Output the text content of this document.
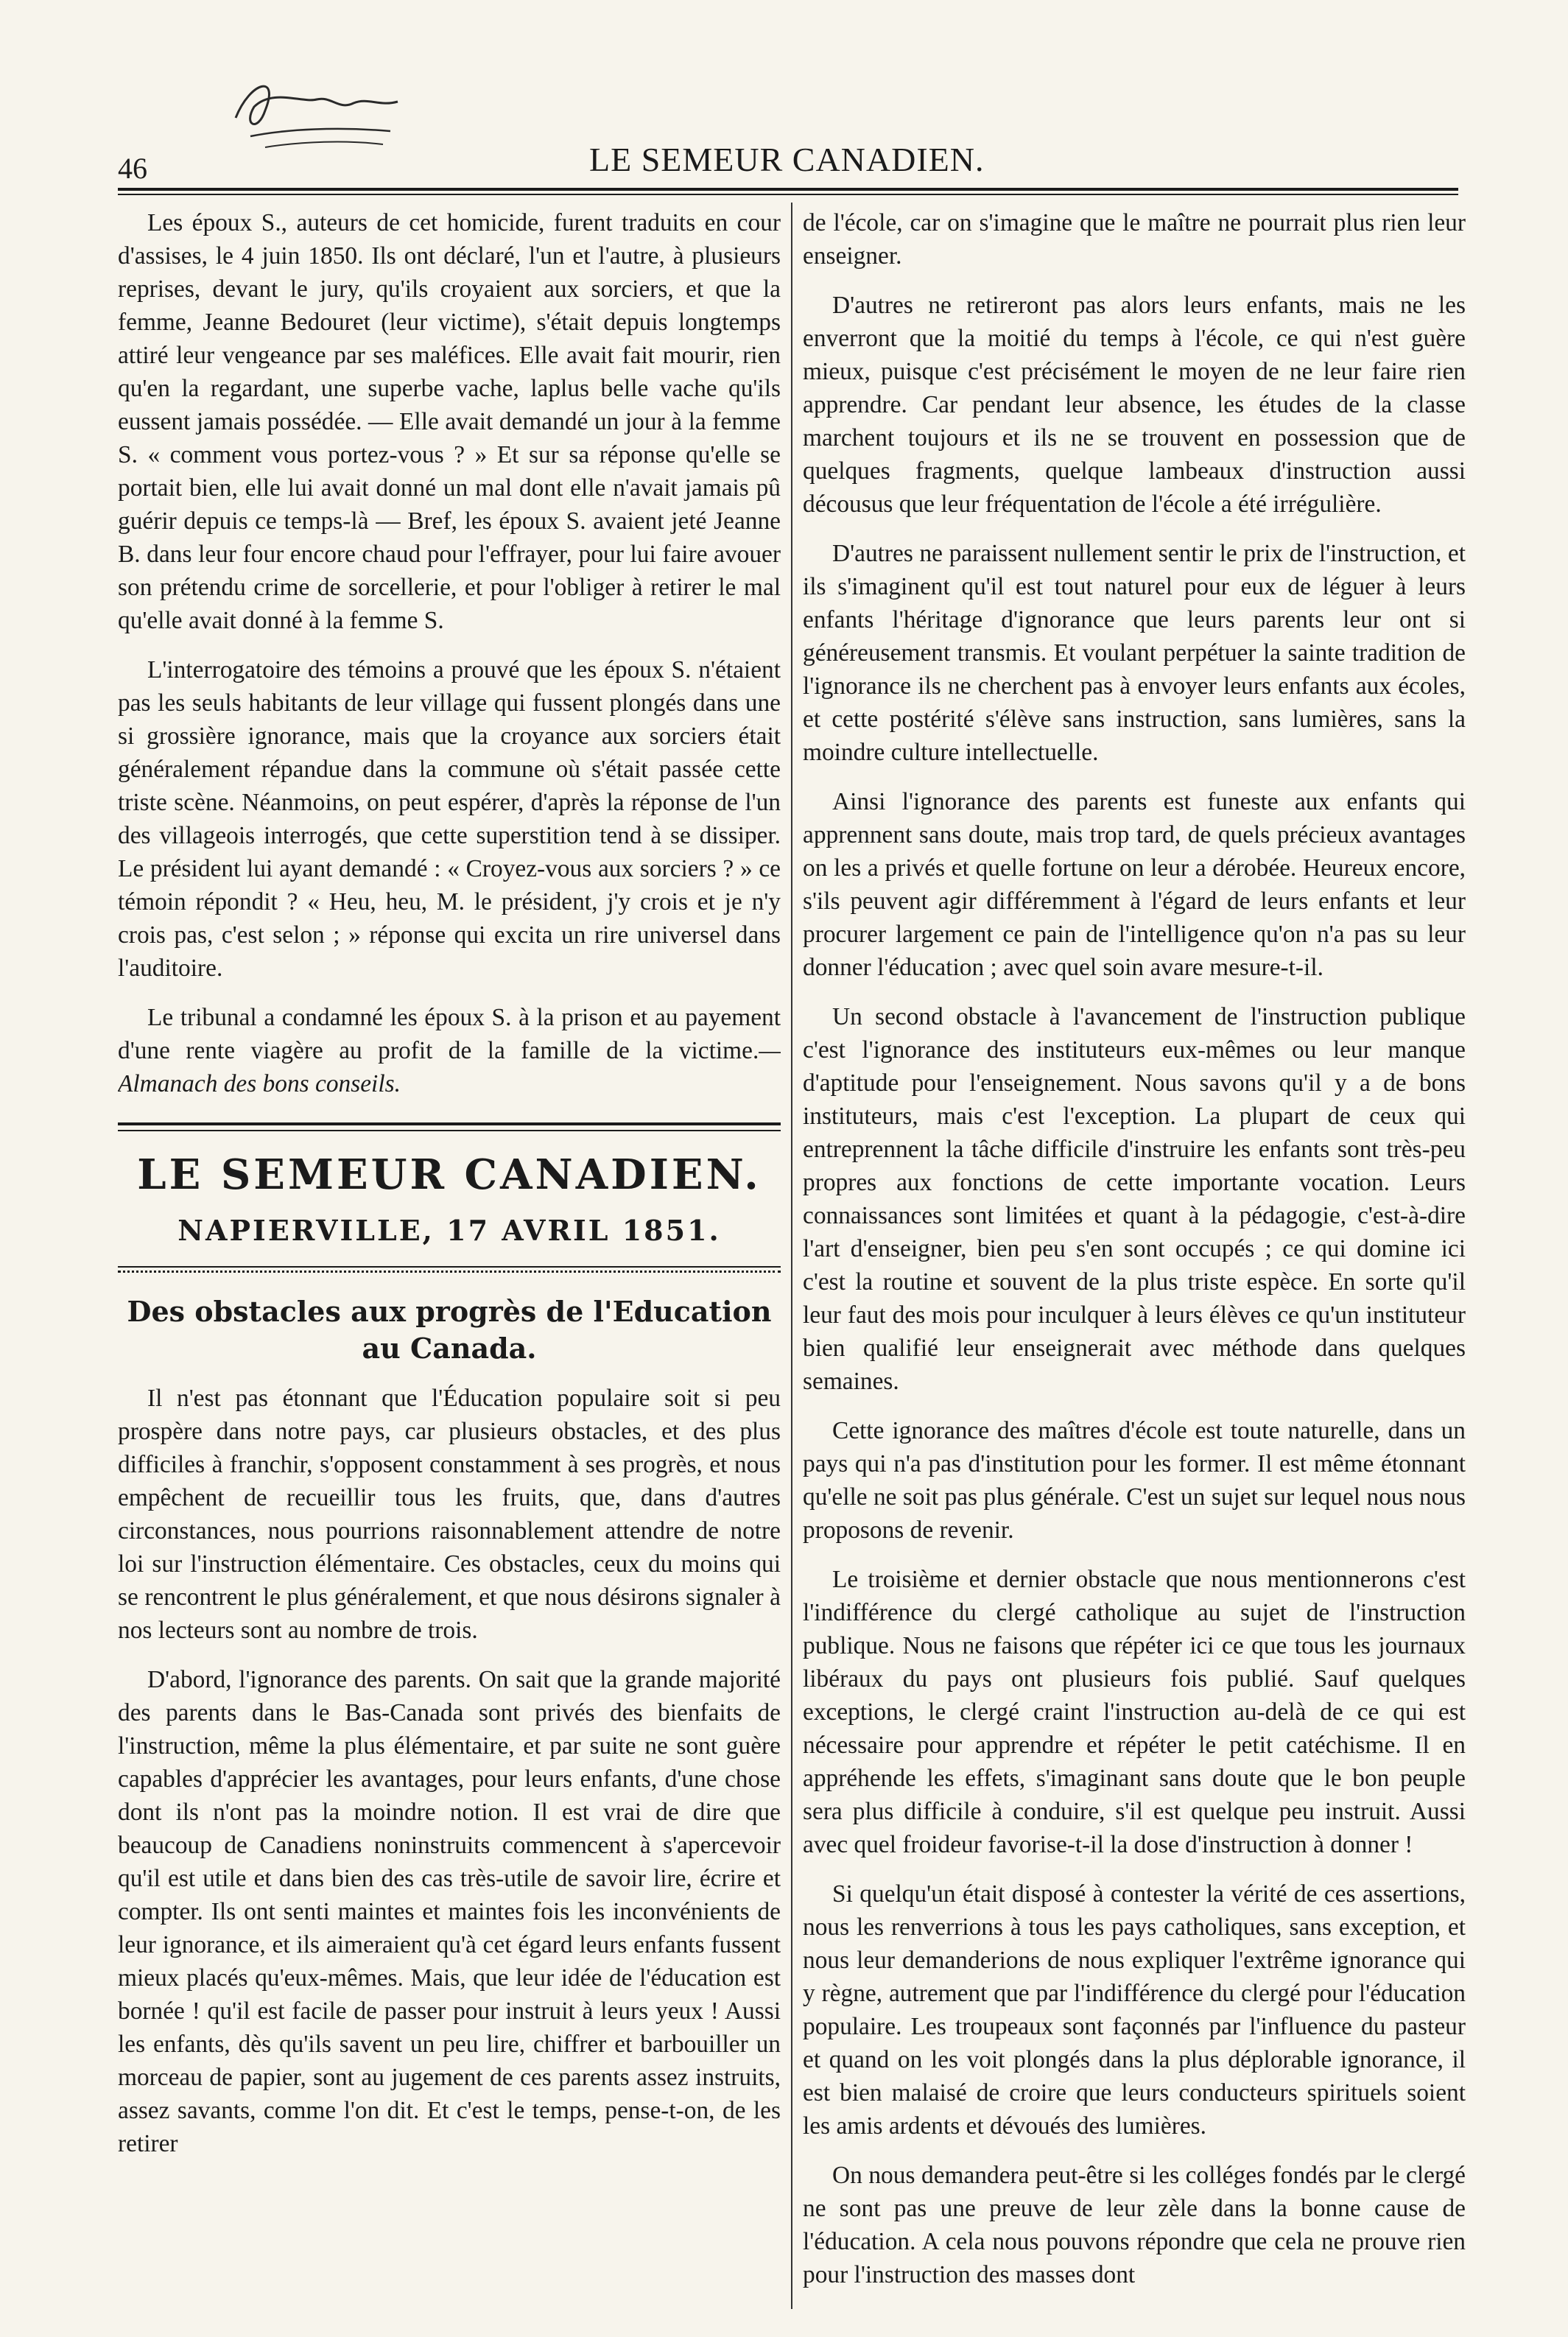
46	LE SEMEUR CANADIEN.

Les époux S., auteurs de cet homicide, furent traduits en cour d'assises, le 4 juin 1850. Ils ont déclaré, l'un et l'autre, à plusieurs reprises, devant le jury, qu'ils croyaient aux sorciers, et que la femme, Jeanne Bedouret (leur victime), s'était depuis longtemps attiré leur vengeance par ses maléfices. Elle avait fait mourir, rien qu'en la regardant, une superbe vache, laplus belle vache qu'ils eussent jamais possédée. — Elle avait demandé un jour à la femme S. « comment vous portez-vous ? » Et sur sa réponse qu'elle se portait bien, elle lui avait donné un mal dont elle n'avait jamais pû guérir depuis ce temps-là — Bref, les époux S. avaient jeté Jeanne B. dans leur four encore chaud pour l'effrayer, pour lui faire avouer son prétendu crime de sorcellerie, et pour l'obliger à retirer le mal qu'elle avait donné à la femme S.

L'interrogatoire des témoins a prouvé que les époux S. n'étaient pas les seuls habitants de leur village qui fussent plongés dans une si grossière ignorance, mais que la croyance aux sorciers était généralement répandue dans la commune où s'était passée cette triste scène. Néanmoins, on peut espérer, d'après la réponse de l'un des villageois interrogés, que cette superstition tend à se dissiper. Le président lui ayant demandé : « Croyez-vous aux sorciers ? » ce témoin répondit ? « Heu, heu, M. le président, j'y crois et je n'y crois pas, c'est selon ; » réponse qui excita un rire universel dans l'auditoire.

Le tribunal a condamné les époux S. à la prison et au payement d'une rente viagère au profit de la famille de la victime.—Almanach des bons conseils.

LE SEMEUR CANADIEN.
NAPIERVILLE, 17 AVRIL 1851.
Des obstacles aux progrès de l'Education au Canada.

Il n'est pas étonnant que l'Éducation populaire soit si peu prospère dans notre pays, car plusieurs obstacles, et des plus difficiles à franchir, s'opposent constamment à ses progrès, et nous empêchent de recueillir tous les fruits, que, dans d'autres circonstances, nous pourrions raisonnablement attendre de notre loi sur l'instruction élémentaire. Ces obstacles, ceux du moins qui se rencontrent le plus généralement, et que nous désirons signaler à nos lecteurs sont au nombre de trois.

D'abord, l'ignorance des parents. On sait que la grande majorité des parents dans le Bas-Canada sont privés des bienfaits de l'instruction, même la plus élémentaire, et par suite ne sont guère capables d'apprécier les avantages, pour leurs enfants, d'une chose dont ils n'ont pas la moindre notion. Il est vrai de dire que beaucoup de Canadiens noninstruits commencent à s'apercevoir qu'il est utile et dans bien des cas très-utile de savoir lire, écrire et compter. Ils ont senti maintes et maintes fois les inconvénients de leur ignorance, et ils aimeraient qu'à cet égard leurs enfants fussent mieux placés qu'eux-mêmes. Mais, que leur idée de l'éducation est bornée ! qu'il est facile de passer pour instruit à leurs yeux ! Aussi les enfants, dès qu'ils savent un peu lire, chiffrer et barbouiller un morceau de papier, sont au jugement de ces parents assez instruits, assez savants, comme l'on dit. Et c'est le temps, pense-t-on, de les retirer

de l'école, car on s'imagine que le maître ne pourrait plus rien leur enseigner.

D'autres ne retireront pas alors leurs enfants, mais ne les enverront que la moitié du temps à l'école, ce qui n'est guère mieux, puisque c'est précisément le moyen de ne leur faire rien apprendre. Car pendant leur absence, les études de la classe marchent toujours et ils ne se trouvent en possession que de quelques fragments, quelque lambeaux d'instruction aussi décousus que leur fréquentation de l'école a été irrégulière.

D'autres ne paraissent nullement sentir le prix de l'instruction, et ils s'imaginent qu'il est tout naturel pour eux de léguer à leurs enfants l'héritage d'ignorance que leurs parents leur ont si généreusement transmis. Et voulant perpétuer la sainte tradition de l'ignorance ils ne cherchent pas à envoyer leurs enfants aux écoles, et cette postérité s'élève sans instruction, sans lumières, sans la moindre culture intellectuelle.

Ainsi l'ignorance des parents est funeste aux enfants qui apprennent sans doute, mais trop tard, de quels précieux avantages on les a privés et quelle fortune on leur a dérobée. Heureux encore, s'ils peuvent agir différemment à l'égard de leurs enfants et leur procurer largement ce pain de l'intelligence qu'on n'a pas su leur donner l'éducation ; avec quel soin avare mesure-t-il.

Un second obstacle à l'avancement de l'instruction publique c'est l'ignorance des instituteurs eux-mêmes ou leur manque d'aptitude pour l'enseignement. Nous savons qu'il y a de bons instituteurs, mais c'est l'exception. La plupart de ceux qui entreprennent la tâche difficile d'instruire les enfants sont très-peu propres aux fonctions de cette importante vocation. Leurs connaissances sont limitées et quant à la pédagogie, c'est-à-dire l'art d'enseigner, bien peu s'en sont occupés ; ce qui domine ici c'est la routine et souvent de la plus triste espèce. En sorte qu'il leur faut des mois pour inculquer à leurs élèves ce qu'un instituteur bien qualifié leur enseignerait avec méthode dans quelques semaines.

Cette ignorance des maîtres d'école est toute naturelle, dans un pays qui n'a pas d'institution pour les former. Il est même étonnant qu'elle ne soit pas plus générale. C'est un sujet sur lequel nous nous proposons de revenir.

Le troisième et dernier obstacle que nous mentionnerons c'est l'indifférence du clergé catholique au sujet de l'instruction publique. Nous ne faisons que répéter ici ce que tous les journaux libéraux du pays ont plusieurs fois publié. Sauf quelques exceptions, le clergé craint l'instruction au-delà de ce qui est nécessaire pour apprendre et répéter le petit catéchisme. Il en appréhende les effets, s'imaginant sans doute que le bon peuple sera plus difficile à conduire, s'il est quelque peu instruit. Aussi avec quel froideur favorise-t-il la dose d'instruction à donner !

Si quelqu'un était disposé à contester la vérité de ces assertions, nous les renverrions à tous les pays catholiques, sans exception, et nous leur demanderions de nous expliquer l'extrême ignorance qui y règne, autrement que par l'indifférence du clergé pour l'éducation populaire. Les troupeaux sont façonnés par l'influence du pasteur et quand on les voit plongés dans la plus déplorable ignorance, il est bien malaisé de croire que leurs conducteurs spirituels soient les amis ardents et dévoués des lumières.

On nous demandera peut-être si les colléges fondés par le clergé ne sont pas une preuve de leur zèle dans la bonne cause de l'éducation. A cela nous pouvons répondre que cela ne prouve rien pour l'instruction des masses dont
